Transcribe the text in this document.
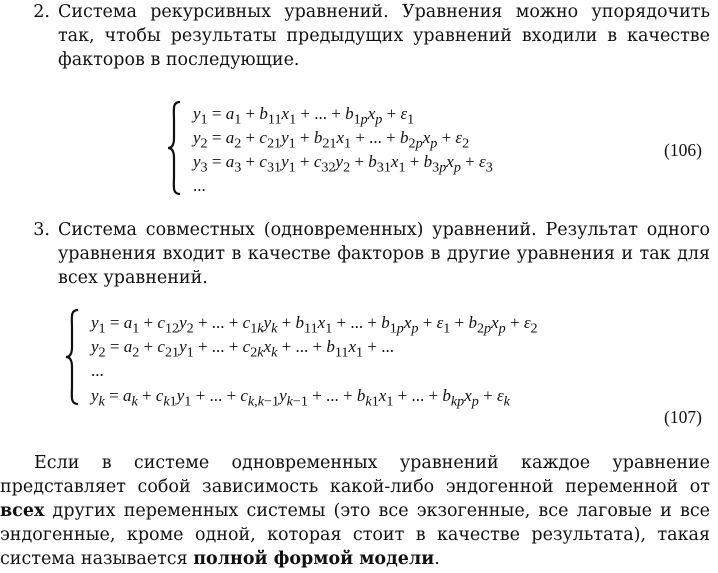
2. Система рекурсивных уравнений. Уравнения можно упорядочить так, чтобы результаты предыдущих уравнений входили в качестве факторов в последующие.
$y_1 = a_1 + b_{11}x_1$ + ... + $b_{1p}x_p + \varepsilon_1$
$y_2 = a_2 + c_{21}y_1 + b_{21}x_1$ + ... + $b_{2p}x_p + \varepsilon_2$
$y_3 = a_3 + c_{31}y_1 + c_{32}y_2 + b_{31}x_1 + b_{3p}x_p + \varepsilon_3$
...
(106)
3. Система совместных (одновременных) уравнений. Результат одного уравнения входит в качестве факторов в другие уравнения и так для всех уравнений.
$y_1 = a_1 + c_{12}y_2$ + ... + $c_{1k}y_k + b_{11}x_1$ + ... + $b_{1p}x_p + \varepsilon_1 + b_{2p}x_p + \varepsilon_2$
$y_2 = a_2 + c_{21}y_1$ + ... + $c_{2k}x_k$ + ... + $b_{11}x_1$ + ...
...
$y_k = a_k + c_{k1}y_1$ + ... + $c_{k,k-1}y_{k-1}$ + ... + $b_{k1}x_1$ + ... + $b_{kp}x_p + \varepsilon_k$
(107)
Если в системе одновременных уравнений каждое уравнение представляет собой зависимость какой-либо эндогенной переменной от всех других переменных системы (это все экзогенные, все лаговые и все эндогенные, кроме одной, которая стоит в качестве результата), такая система называется полной формой модели.
